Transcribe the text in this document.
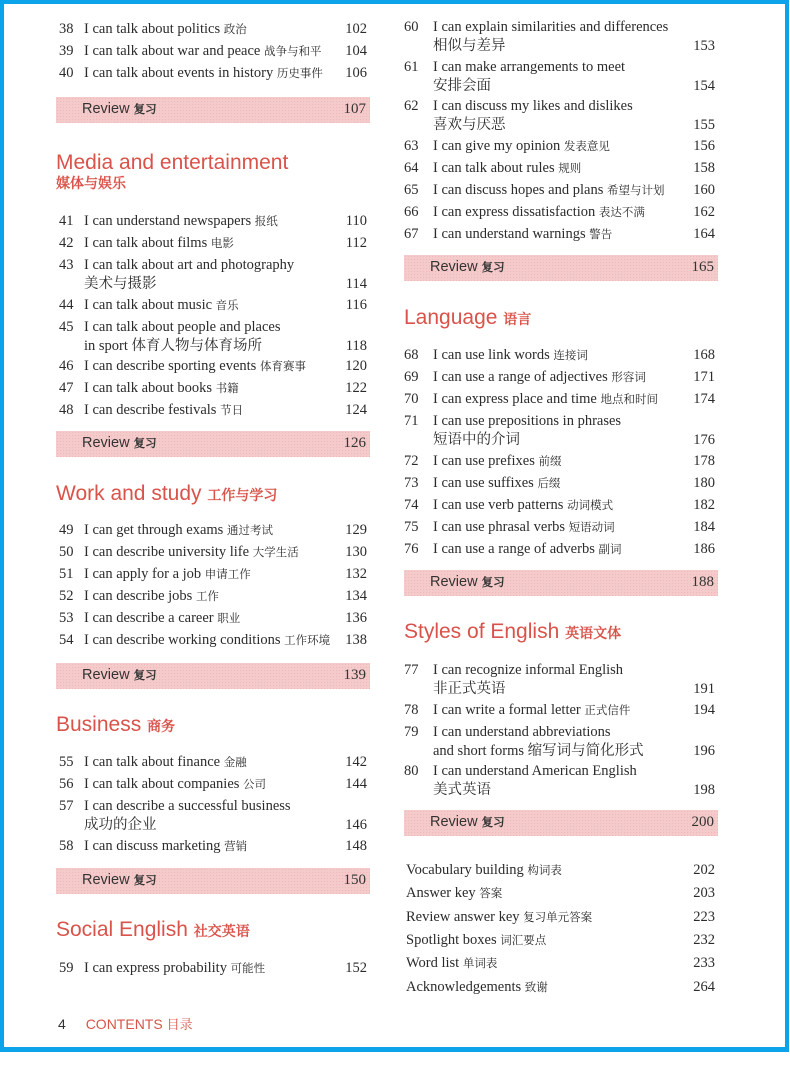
38 I can talk about politics 政治	102
39 I can talk about war and peace 战争与和平	104
40 I can talk about events in history 历史事件	106
Review 复习	107
Media and entertainment
媒体与娱乐
41 I can understand newspapers 报纸	110
42 I can talk about films 电影	112
43 I can talk about art and photography
美术与摄影	114
44 I can talk about music 音乐	116
45 I can talk about people and places
in sport 体育人物与体育场所	118
46 I can describe sporting events 体育赛事	120
47 I can talk about books 书籍	122
48 I can describe festivals 节日	124
Review 复习	126
Work and study 工作与学习
49 I can get through exams 通过考试	129
50 I can describe university life 大学生活	130
51 I can apply for a job 申请工作	132
52 I can describe jobs 工作	134
53 I can describe a career 职业	136
54 I can describe working conditions 工作环境	138
Review 复习	139
Business 商务
55 I can talk about finance 金融	142
56 I can talk about companies 公司	144
57 I can describe a successful business
成功的企业	146
58 I can discuss marketing 营销	148
Review 复习	150
Social English 社交英语
59 I can express probability 可能性	152
60	I can explain similarities and differences
相似与差异	153
61	I can make arrangements to meet
安排会面	154
62	I can discuss my likes and dislikes
喜欢与厌恶	155
63	I can give my opinion 发表意见	156
64	I can talk about rules 规则	158
65	I can discuss hopes and plans 希望与计划	160
66	I can express dissatisfaction 表达不满	162
67	I can understand warnings 警告	164
Review 复习	165
Language 语言
68	I can use link words 连接词	168
69	I can use a range of adjectives 形容词	171
70	I can express place and time 地点和时间	174
71	I can use prepositions in phrases
短语中的介词	176
72	I can use prefixes 前缀	178
73	I can use suffixes 后缀	180
74	I can use verb patterns 动词模式	182
75	I can use phrasal verbs 短语动词	184
76	I can use a range of adverbs 副词	186
Review 复习	188
Styles of English 英语文体
77	I can recognize informal English
非正式英语	191
78	I can write a formal letter 正式信件	194
79	I can understand abbreviations
and short forms 缩写词与简化形式	196
80	I can understand American English
美式英语	198
Review 复习	200
Vocabulary building 构词表	202
Answer key 答案	203
Review answer key 复习单元答案	223
Spotlight boxes 词汇要点	232
Word list 单词表	233
Acknowledgements 致谢	264
4 CONTENTS 目录
